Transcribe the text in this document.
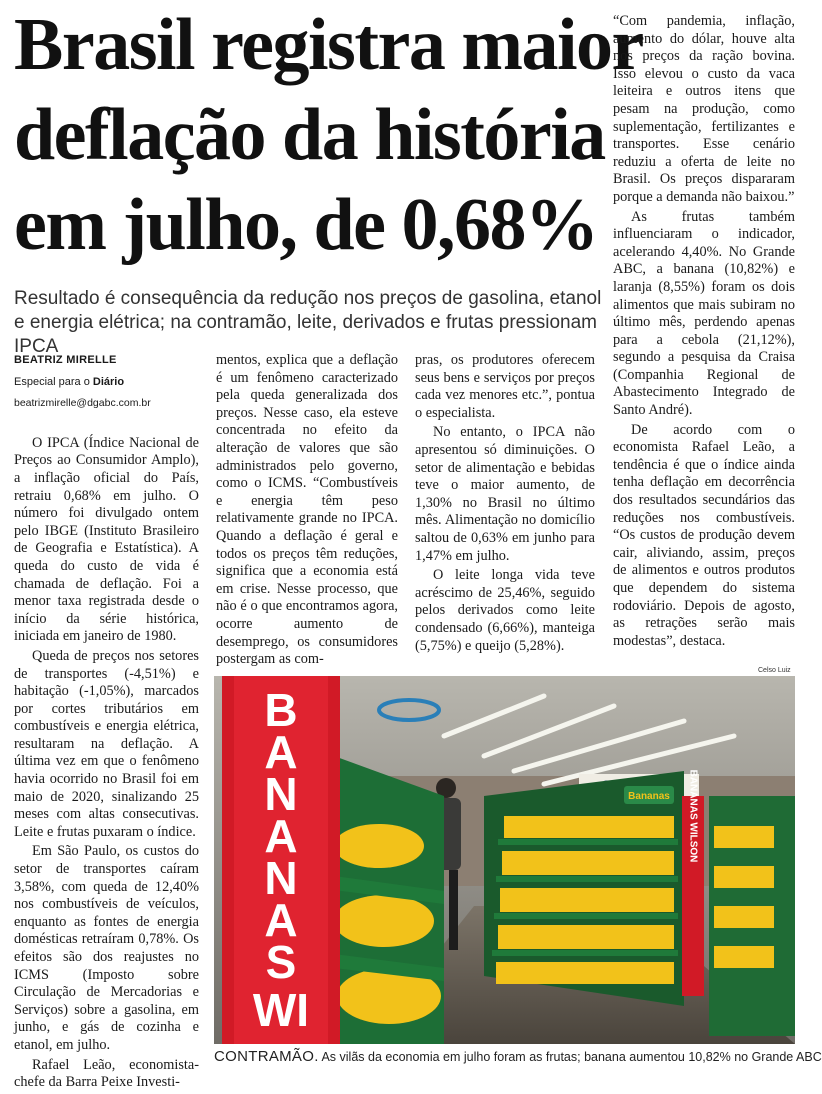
Brasil registra maior
deflação da história
em julho, de 0,68%
Resultado é consequência da redução nos preços de gasolina, etanol e energia elétrica; na contramão, leite, derivados e frutas pressionam IPCA
BEATRIZ MIRELLE
Especial para o Diário
beatrizmirelle@dgabc.com.br

O IPCA (Índice Nacional de Preços ao Consumidor Amplo), a inflação oficial do País, retraiu 0,68% em julho. O número foi divulgado ontem pelo IBGE (Instituto Brasileiro de Geografia e Estatística). A queda do custo de vida é chamada de deflação. Foi a menor taxa registrada desde o início da série histórica, iniciada em janeiro de 1980.

Queda de preços nos setores de transportes (-4,51%) e habitação (-1,05%), marcados por cortes tributários em combustíveis e energia elétrica, resultaram na deflação. A última vez em que o fenômeno havia ocorrido no Brasil foi em maio de 2020, sinalizando 25 meses com altas consecutivas. Leite e frutas puxaram o índice.

Em São Paulo, os custos do setor de transportes caíram 3,58%, com queda de 12,40% nos combustíveis de veículos, enquanto as fontes de energia domésticas retraíram 0,78%. Os efeitos são dos reajustes no ICMS (Imposto sobre Circulação de Mercadorias e Serviços) sobre a gasolina, em junho, e gás de cozinha e etanol, em julho.

Rafael Leão, economista-chefe da Barra Peixe Investi-

mentos, explica que a deflação é um fenômeno caracterizado pela queda generalizada dos preços. Nesse caso, ela esteve concentrada no efeito da alteração de valores que são administrados pelo governo, como o ICMS. “Combustíveis e energia têm peso relativamente grande no IPCA. Quando a deflação é geral e todos os preços têm reduções, significa que a economia está em crise. Nesse processo, que não é o que encontramos agora, ocorre aumento de desemprego, os consumidores postergam as com-

pras, os produtores oferecem seus bens e serviços por preços cada vez menores etc.”, pontua o especialista.

No entanto, o IPCA não apresentou só diminuições. O setor de alimentação e bebidas teve o maior aumento, de 1,30% no Brasil no último mês. Alimentação no domicílio saltou de 0,63% em junho para 1,47% em julho.

O leite longa vida teve acréscimo de 25,46%, seguido pelos derivados como leite condensado (6,66%), manteiga (5,75%) e queijo (5,28%).

“Com pandemia, inflação, aumento do dólar, houve alta nos preços da ração bovina. Isso elevou o custo da vaca leiteira e outros itens que pesam na produção, como suplementação, fertilizantes e transportes. Esse cenário reduziu a oferta de leite no Brasil. Os preços dispararam porque a demanda não baixou.”

As frutas também influenciaram o indicador, acelerando 4,40%. No Grande ABC, a banana (10,82%) e laranja (8,55%) foram os dois alimentos que mais subiram no último mês, perdendo apenas para a cebola (21,12%), segundo a pesquisa da Craisa (Companhia Regional de Abastecimento Integrado de Santo André).

De acordo com o economista Rafael Leão, a tendência é que o índice ainda tenha deflação em decorrência dos resultados secundários das reduções nos combustíveis. “Os custos de produção devem cair, aliviando, assim, preços de alimentos e outros produtos que dependem do sistema rodoviário. Depois de agosto, as retrações serão mais modestas”, destaca.

Celso Luiz
Bananas BANANAS WILSON
B A N A N A S
WI
CONTRAMÃO. As vilãs da economia em julho foram as frutas; banana aumentou 10,82% no Grande ABC
